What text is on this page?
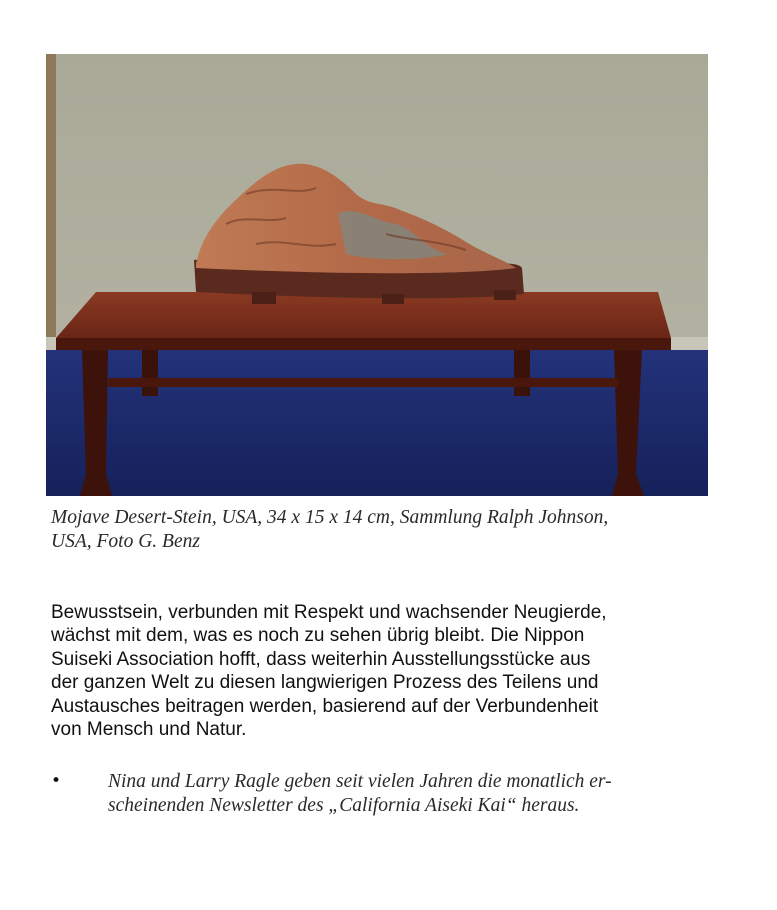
Mojave Desert-Stein, USA, 34 x 15 x 14 cm, Sammlung Ralph Johnson,
USA, Foto G. Benz
Bewusstsein, verbunden mit Respekt und wachsender Neugierde,
wächst mit dem, was es noch zu sehen übrig bleibt. Die Nippon
Suiseki Association hofft, dass weiterhin Ausstellungsstücke aus
der ganzen Welt zu diesen langwierigen Prozess des Teilens und
Austausches beitragen werden, basierend auf der Verbundenheit
von Mensch und Natur.
• Nina und Larry Ragle geben seit vielen Jahren die monatlich er-
scheinenden Newsletter des „California Aiseki Kai“ heraus.
